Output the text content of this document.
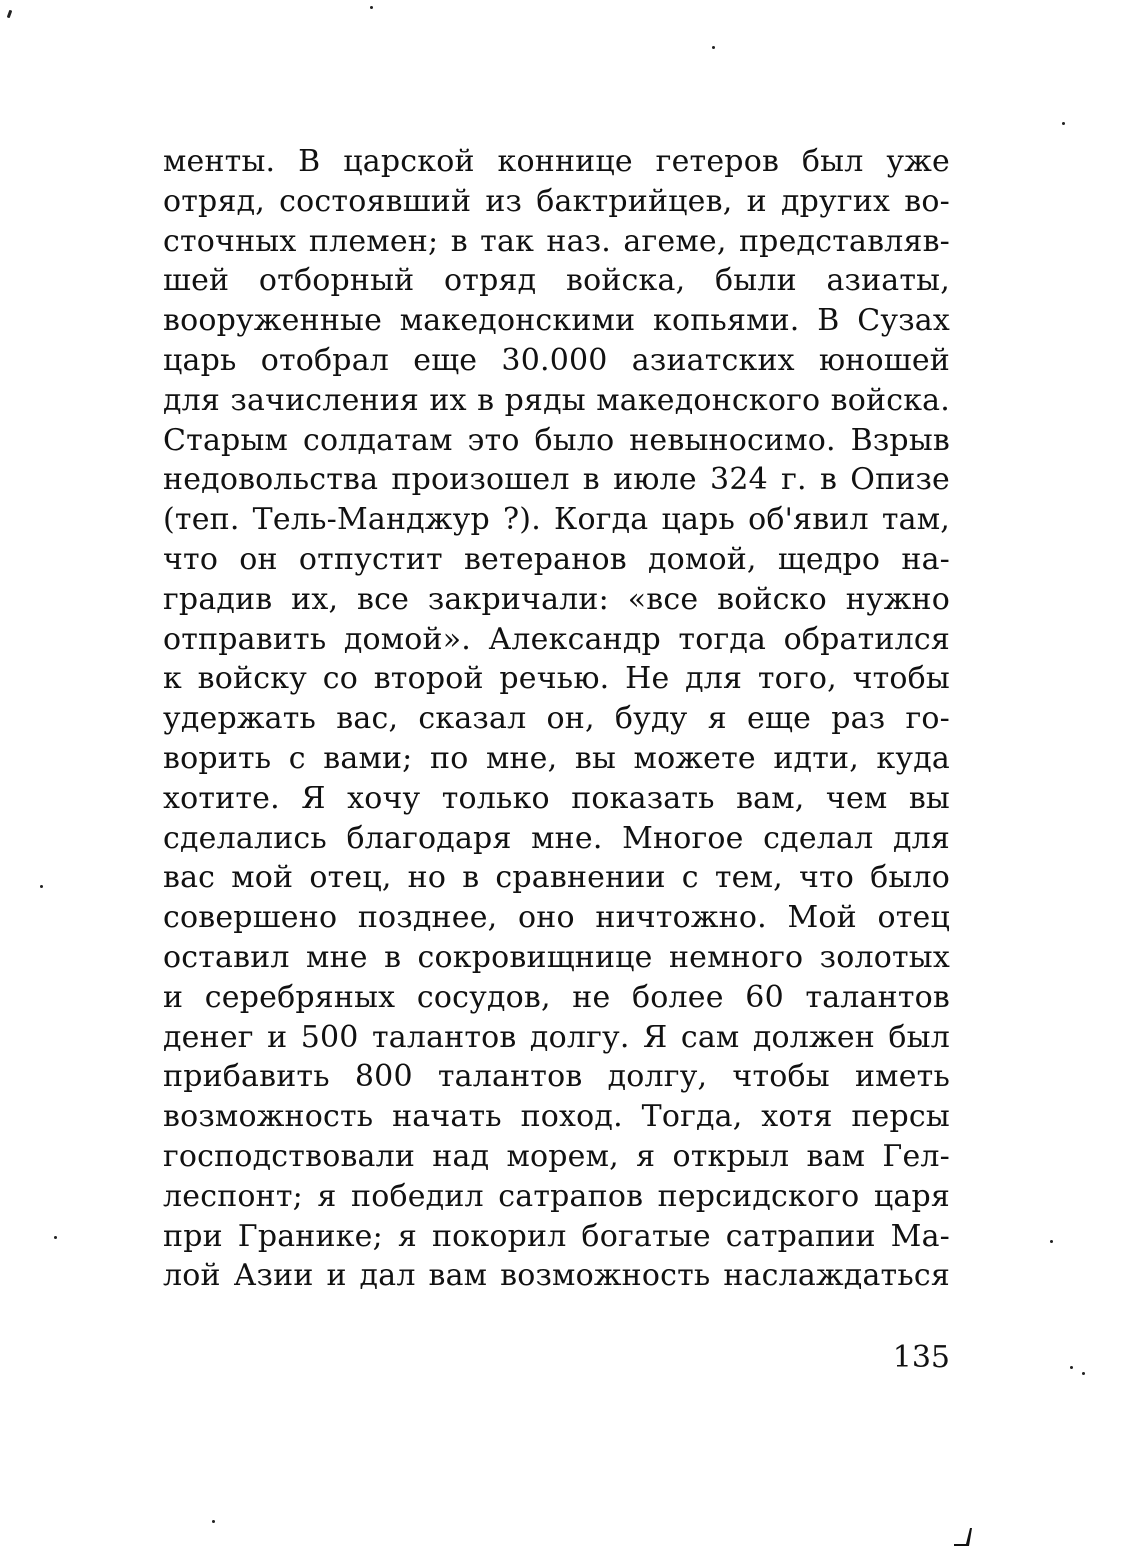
менты. В царской коннице гетеров был уже
отряд, состоявший из бактрийцев, и других во-
сточных племен; в так наз. агеме, представляв-
шей отборный отряд войска, были азиаты,
вооруженные македонскими копьями. В Сузах
царь отобрал еще 30.000 азиатских юношей
для зачисления их в ряды македонского войска.
Старым солдатам это было невыносимо. Взрыв
недовольства произошел в июле 324 г. в Опизе
(теп. Тель-Манджур ?). Когда царь об'явил там,
что он отпустит ветеранов домой, щедро на-
градив их, все закричали: «все войско нужно
отправить домой». Александр тогда обратился
к войску со второй речью. Не для того, чтобы
удержать вас, сказал он, буду я еще раз го-
ворить с вами; по мне, вы можете идти, куда
хотите. Я хочу только показать вам, чем вы
сделались благодаря мне. Многое сделал для
вас мой отец, но в сравнении с тем, что было
совершено позднее, оно ничтожно. Мой отец
оставил мне в сокровищнице немного золотых
и серебряных сосудов, не более 60 талантов
денег и 500 талантов долгу. Я сам должен был
прибавить 800 талантов долгу, чтобы иметь
возможность начать поход. Тогда, хотя персы
господствовали над морем, я открыл вам Гел-
леспонт; я победил сатрапов персидского царя
при Гранике; я покорил богатые сатрапии Ма-
лой Азии и дал вам возможность наслаждаться
135
